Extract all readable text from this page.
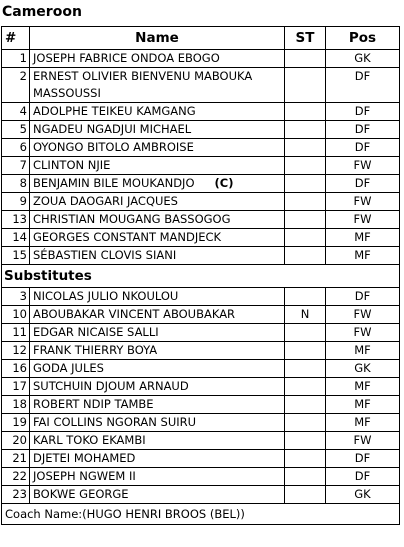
Cameroon
#	Name	ST	Pos
1	JOSEPH FABRICE ONDOA EBOGO		GK
2	ERNEST OLIVIER BIENVENU MABOUKA MASSOUSSI		DF
4	ADOLPHE TEIKEU KAMGANG		DF
5	NGADEU NGADJUI MICHAEL		DF
6	OYONGO BITOLO AMBROISE		DF
7	CLINTON NJIE		FW
8	BENJAMIN BILE MOUKANDJO (C)		DF
9	ZOUA DAOGARI JACQUES		FW
13	CHRISTIAN MOUGANG BASSOGOG		FW
14	GEORGES CONSTANT MANDJECK		MF
15	SÉBASTIEN CLOVIS SIANI		MF
Substitutes			
3	NICOLAS JULIO NKOULOU		DF
10	ABOUBAKAR VINCENT ABOUBAKAR	N	FW
11	EDGAR NICAISE SALLI		FW
12	FRANK THIERRY BOYA		MF
16	GODA JULES		GK
17	SUTCHUIN DJOUM ARNAUD		MF
18	ROBERT NDIP TAMBE		MF
19	FAI COLLINS NGORAN SUIRU		MF
20	KARL TOKO EKAMBI		FW
21	DJETEI MOHAMED		DF
22	JOSEPH NGWEM II		DF
23	BOKWE GEORGE		GK
Coach Name:(HUGO HENRI BROOS (BEL))			
